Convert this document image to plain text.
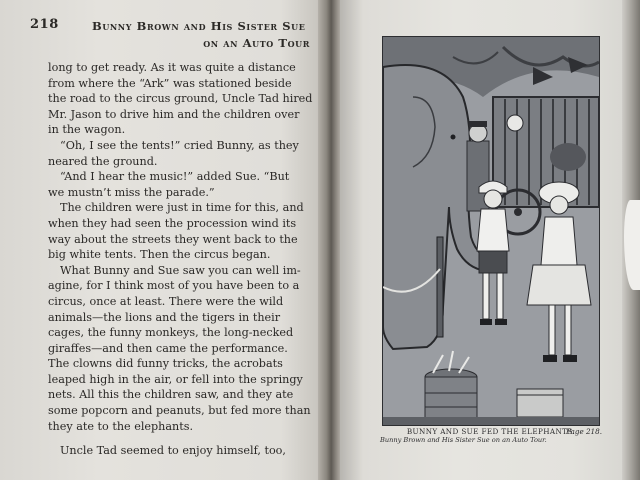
218	Bunny Brown and His Sister Sue
on an Auto Tour
long to get ready. As it was quite a distance
from where the “Ark” was stationed beside
the road to the circus ground, Uncle Tad hired
Mr. Jason to drive him and the children over
in the wagon.
“Oh, I see the tents!” cried Bunny, as they
neared the ground.
“And I hear the music!” added Sue. “But
we mustn’t miss the parade.”
The children were just in time for this, and
when they had seen the procession wind its
way about the streets they went back to the
big white tents. Then the circus began.
What Bunny and Sue saw you can well im-
agine, for I think most of you have been to a
circus, once at least. There were the wild
animals—the lions and the tigers in their
cages, the funny monkeys, the long-necked
giraffes—and then came the performance.
The clowns did funny tricks, the acrobats
leaped high in the air, or fell into the springy
nets. All this the children saw, and they ate
some popcorn and peanuts, but fed more than
they ate to the elephants.
Uncle Tad seemed to enjoy himself, too,
BUNNY AND SUE FED THE ELEPHANTS.
Bunny Brown and His Sister Sue on an Auto Tour.
Page 218.
